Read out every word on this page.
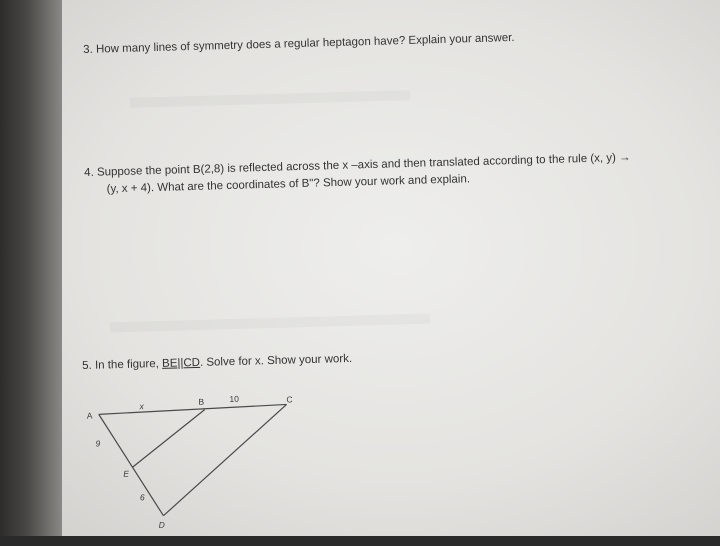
3. How many lines of symmetry does a regular heptagon have? Explain your answer.
4. Suppose the point B(2,8) is reflected across the x –axis and then translated according to the rule (x, y) →
(y, x + 4). What are the coordinates of B"? Show your work and explain.
5. In the figure, BE||CD. Solve for x. Show your work.
A
x	B	10	C
9
E
6
D
